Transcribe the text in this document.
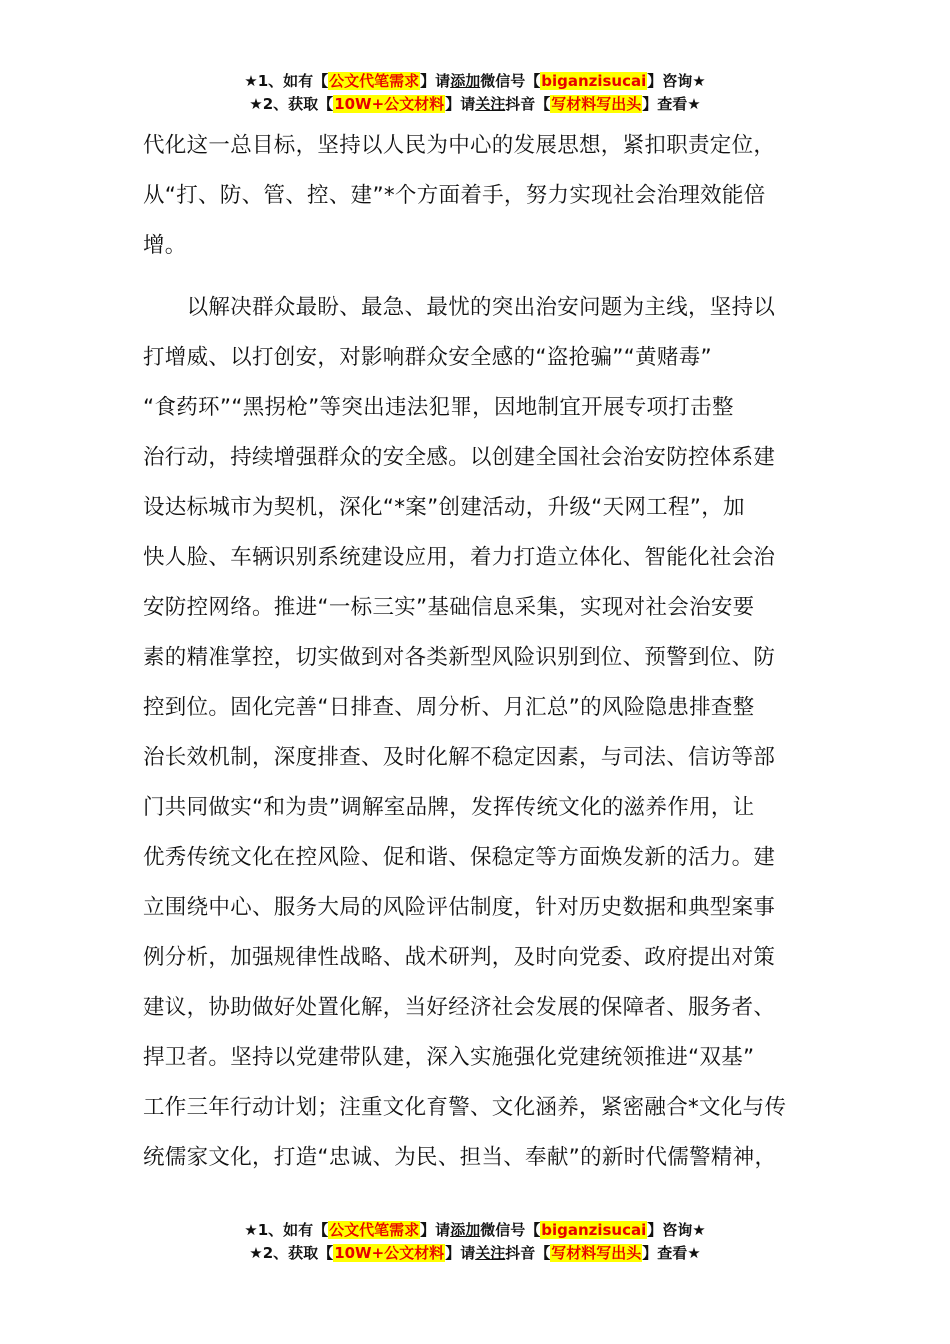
★1、如有【公文代笔需求】请添加微信号【biganzisucai】咨询★
★2、获取【10W+公文材料】请关注抖音【写材料写出头】查看★
代化这一总目标，坚持以人民为中心的发展思想，紧扣职责定位，
从“打、防、管、控、建”*个方面着手，努力实现社会治理效能倍
增。
　　以解决群众最盼、最急、最忧的突出治安问题为主线，坚持以
打增威、以打创安，对影响群众安全感的“盗抢骗”“黄赌毒”
“食药环”“黑拐枪”等突出违法犯罪，因地制宜开展专项打击整
治行动，持续增强群众的安全感。以创建全国社会治安防控体系建
设达标城市为契机，深化“*案”创建活动，升级“天网工程”，加
快人脸、车辆识别系统建设应用，着力打造立体化、智能化社会治
安防控网络。推进“一标三实”基础信息采集，实现对社会治安要
素的精准掌控，切实做到对各类新型风险识别到位、预警到位、防
控到位。固化完善“日排查、周分析、月汇总”的风险隐患排查整
治长效机制，深度排查、及时化解不稳定因素，与司法、信访等部
门共同做实“和为贵”调解室品牌，发挥传统文化的滋养作用，让
优秀传统文化在控风险、促和谐、保稳定等方面焕发新的活力。建
立围绕中心、服务大局的风险评估制度，针对历史数据和典型案事
例分析，加强规律性战略、战术研判，及时向党委、政府提出对策
建议，协助做好处置化解，当好经济社会发展的保障者、服务者、
捍卫者。坚持以党建带队建，深入实施强化党建统领推进“双基”
工作三年行动计划；注重文化育警、文化涵养，紧密融合*文化与传
统儒家文化，打造“忠诚、为民、担当、奉献”的新时代儒警精神，
★1、如有【公文代笔需求】请添加微信号【biganzisucai】咨询★
★2、获取【10W+公文材料】请关注抖音【写材料写出头】查看★
